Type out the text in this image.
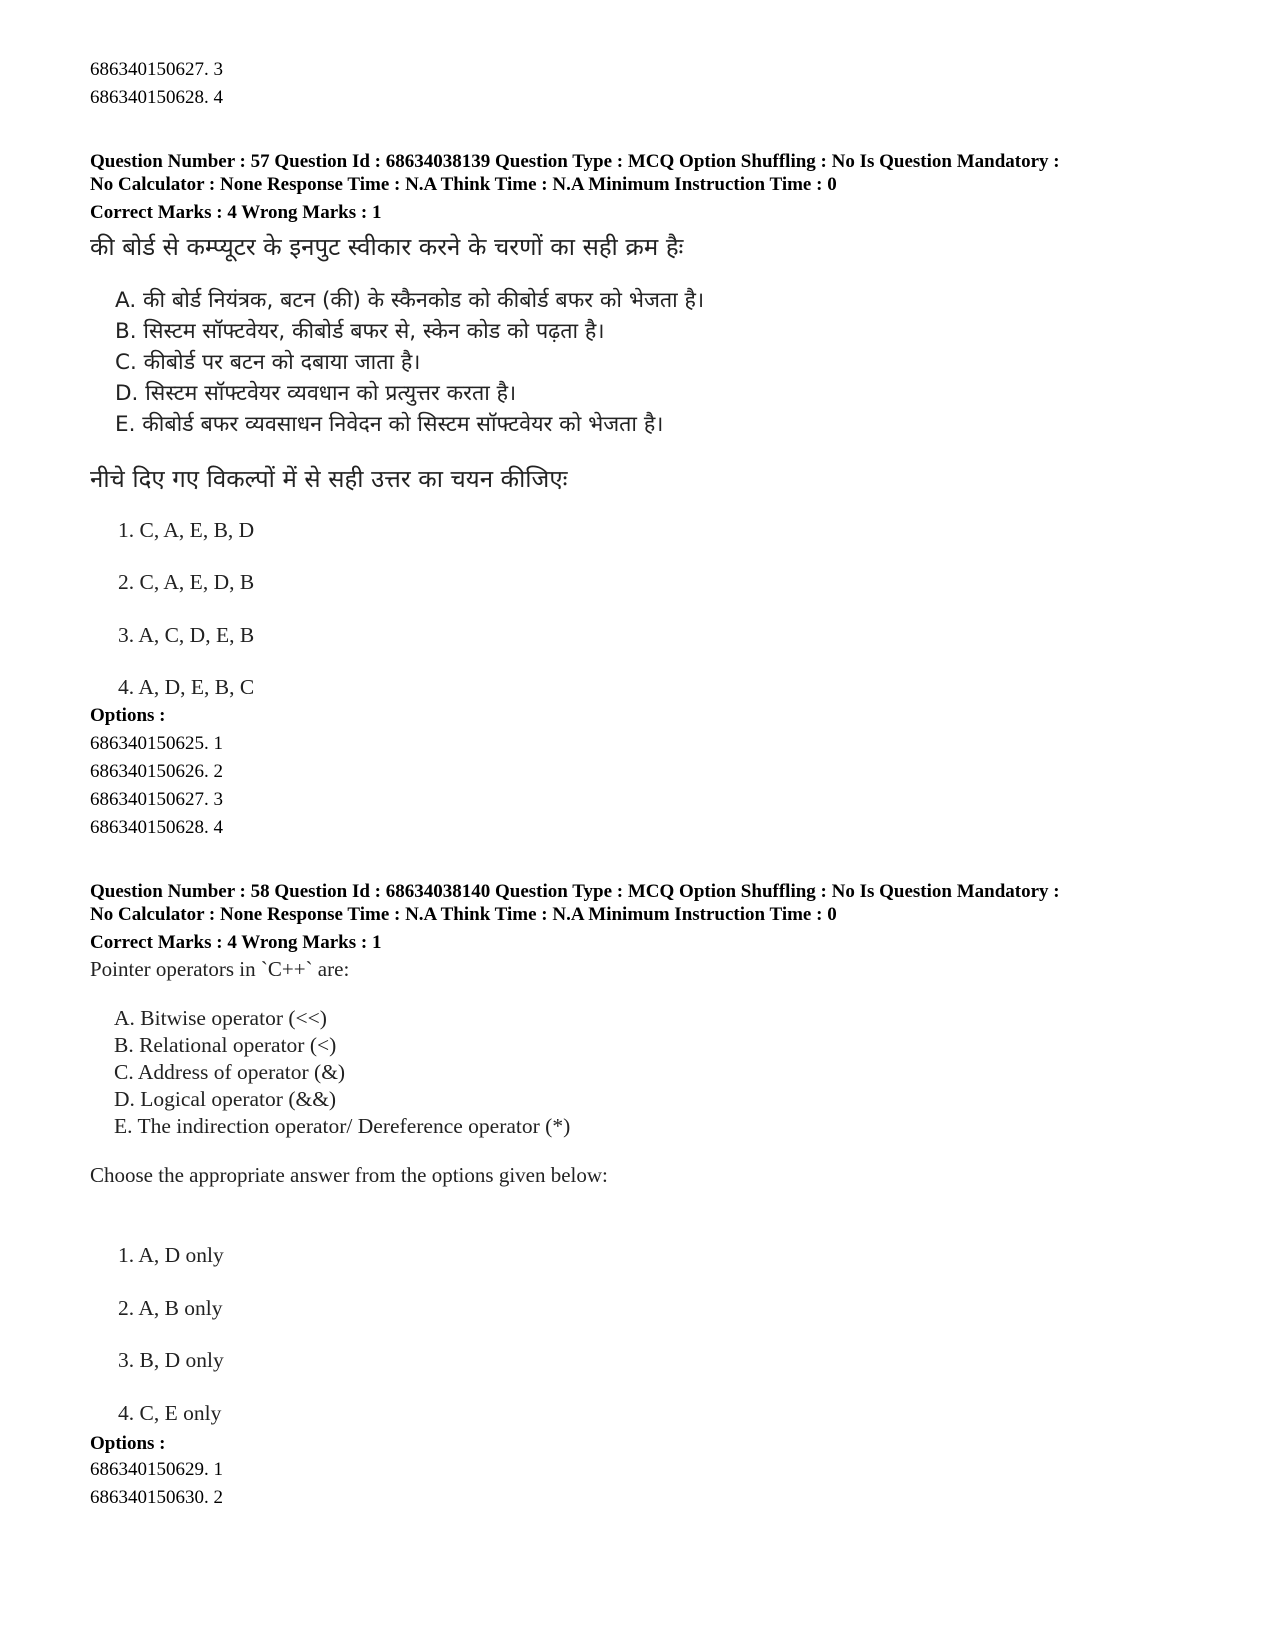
686340150627. 3
686340150628. 4
Question Number : 57 Question Id : 68634038139 Question Type : MCQ Option Shuffling : No Is Question Mandatory :
No Calculator : None Response Time : N.A Think Time : N.A Minimum Instruction Time : 0
Correct Marks : 4 Wrong Marks : 1
की बोर्ड से कम्प्यूटर के इनपुट स्वीकार करने के चरणों का सही क्रम हैः
A. की बोर्ड नियंत्रक, बटन (की) के स्कैनकोड को कीबोर्ड बफर को भेजता है।
B. सिस्टम सॉफ्टवेयर, कीबोर्ड बफर से, स्केन कोड को पढ़ता है।
C. कीबोर्ड पर बटन को दबाया जाता है।
D. सिस्टम सॉफ्टवेयर व्यवधान को प्रत्युत्तर करता है।
E. कीबोर्ड बफर व्यवसाधन निवेदन को सिस्टम सॉफ्टवेयर को भेजता है।
नीचे दिए गए विकल्पों में से सही उत्तर का चयन कीजिएः
1. C, A, E, B, D
2. C, A, E, D, B
3. A, C, D, E, B
4. A, D, E, B, C
Options :
686340150625. 1
686340150626. 2
686340150627. 3
686340150628. 4
Question Number : 58 Question Id : 68634038140 Question Type : MCQ Option Shuffling : No Is Question Mandatory :
No Calculator : None Response Time : N.A Think Time : N.A Minimum Instruction Time : 0
Correct Marks : 4 Wrong Marks : 1
Pointer operators in `C++` are:
A. Bitwise operator (<<)
B. Relational operator (<)
C. Address of operator (&)
D. Logical operator (&&)
E. The indirection operator/ Dereference operator (*)
Choose the appropriate answer from the options given below:
1. A, D only
2. A, B only
3. B, D only
4. C, E only
Options :
686340150629. 1
686340150630. 2
